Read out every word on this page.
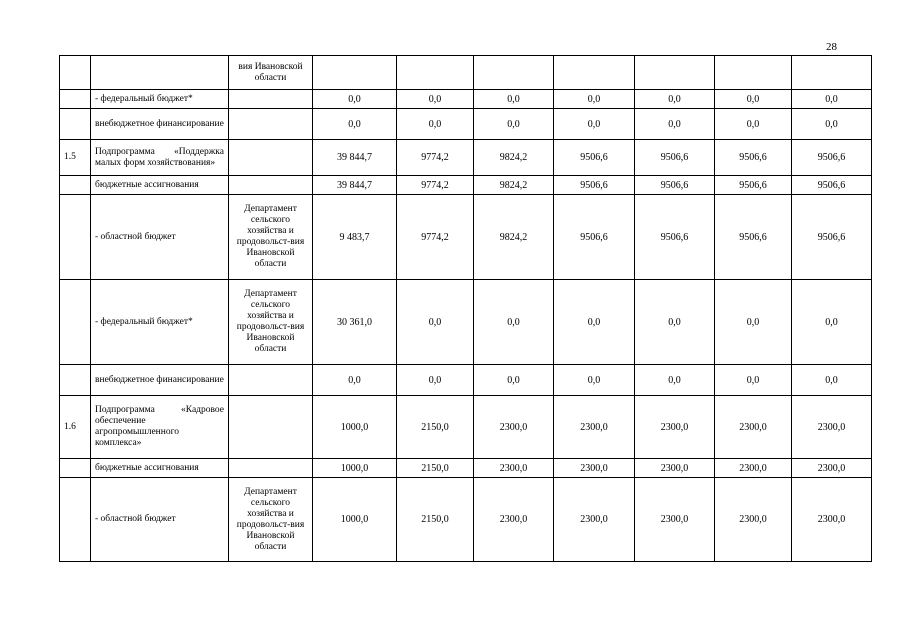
28
		вия Ивановской области							
	- федеральный бюджет*		0,0	0,0	0,0	0,0	0,0	0,0	0,0
	внебюджетное финансирование		0,0	0,0	0,0	0,0	0,0	0,0	0,0
1.5	Подпрограмма «Поддержка малых форм хозяйствования»		39 844,7	9774,2	9824,2	9506,6	9506,6	9506,6	9506,6
	бюджетные ассигнования		39 844,7	9774,2	9824,2	9506,6	9506,6	9506,6	9506,6
	- областной бюджет	Департамент сельского хозяйства и продовольст-вия Ивановской области	9 483,7	9774,2	9824,2	9506,6	9506,6	9506,6	9506,6
	- федеральный бюджет*	Департамент сельского хозяйства и продовольст-вия Ивановской области	30 361,0	0,0	0,0	0,0	0,0	0,0	0,0
	внебюджетное финансирование		0,0	0,0	0,0	0,0	0,0	0,0	0,0
1.6	Подпрограмма «Кадровое обеспечение агропромышленного комплекса»		1000,0	2150,0	2300,0	2300,0	2300,0	2300,0	2300,0
	бюджетные ассигнования		1000,0	2150,0	2300,0	2300,0	2300,0	2300,0	2300,0
	- областной бюджет	Департамент сельского хозяйства и продовольст-вия Ивановской области	1000,0	2150,0	2300,0	2300,0	2300,0	2300,0	2300,0
